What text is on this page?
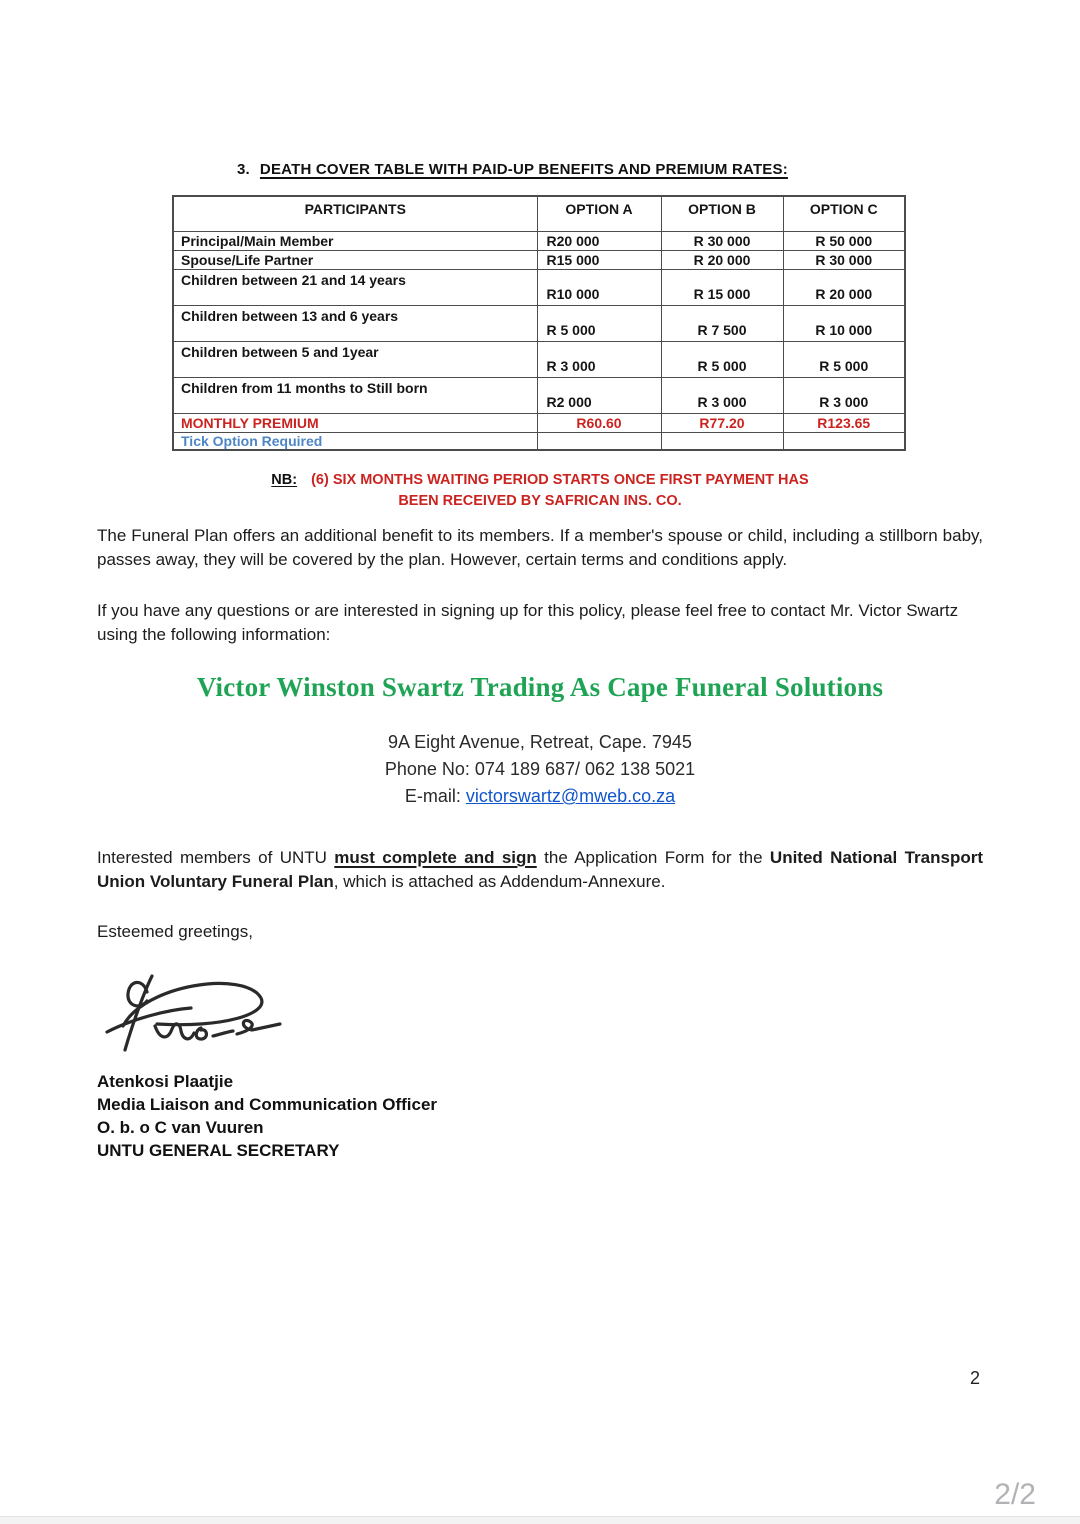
3. DEATH COVER TABLE WITH PAID-UP BENEFITS AND PREMIUM RATES:
PARTICIPANTS	OPTION A	OPTION B	OPTION C
Principal/Main Member	R20 000	R 30 000	R 50 000
Spouse/Life Partner	R15 000	R 20 000	R 30 000
Children between 21 and 14 years	R10 000	R 15 000	R 20 000
Children between 13 and 6 years	R 5 000	R 7 500	R 10 000
Children between 5 and 1year	R 3 000	R 5 000	R 5 000
Children from 11 months to Still born	R2 000	R 3 000	R 3 000
MONTHLY PREMIUM	R60.60	R77.20	R123.65
Tick Option Required			
NB: (6) SIX MONTHS WAITING PERIOD STARTS ONCE FIRST PAYMENT HAS
BEEN RECEIVED BY SAFRICAN INS. CO.

The Funeral Plan offers an additional benefit to its members. If a member's spouse or child, including a stillborn baby, passes away, they will be covered by the plan. However, certain terms and conditions apply.

If you have any questions or are interested in signing up for this policy, please feel free to contact Mr. Victor Swartz using the following information:

Victor Winston Swartz Trading As Cape Funeral Solutions
9A Eight Avenue, Retreat, Cape. 7945
Phone No: 074 189 687/ 062 138 5021
E-mail: victorswartz@mweb.co.za

Interested members of UNTU must complete and sign the Application Form for the United National Transport Union Voluntary Funeral Plan, which is attached as Addendum-Annexure.

Esteemed greetings,
Atenkosi Plaatjie
Media Liaison and Communication Officer
O. b. o C van Vuuren
UNTU GENERAL SECRETARY
2
2/2
